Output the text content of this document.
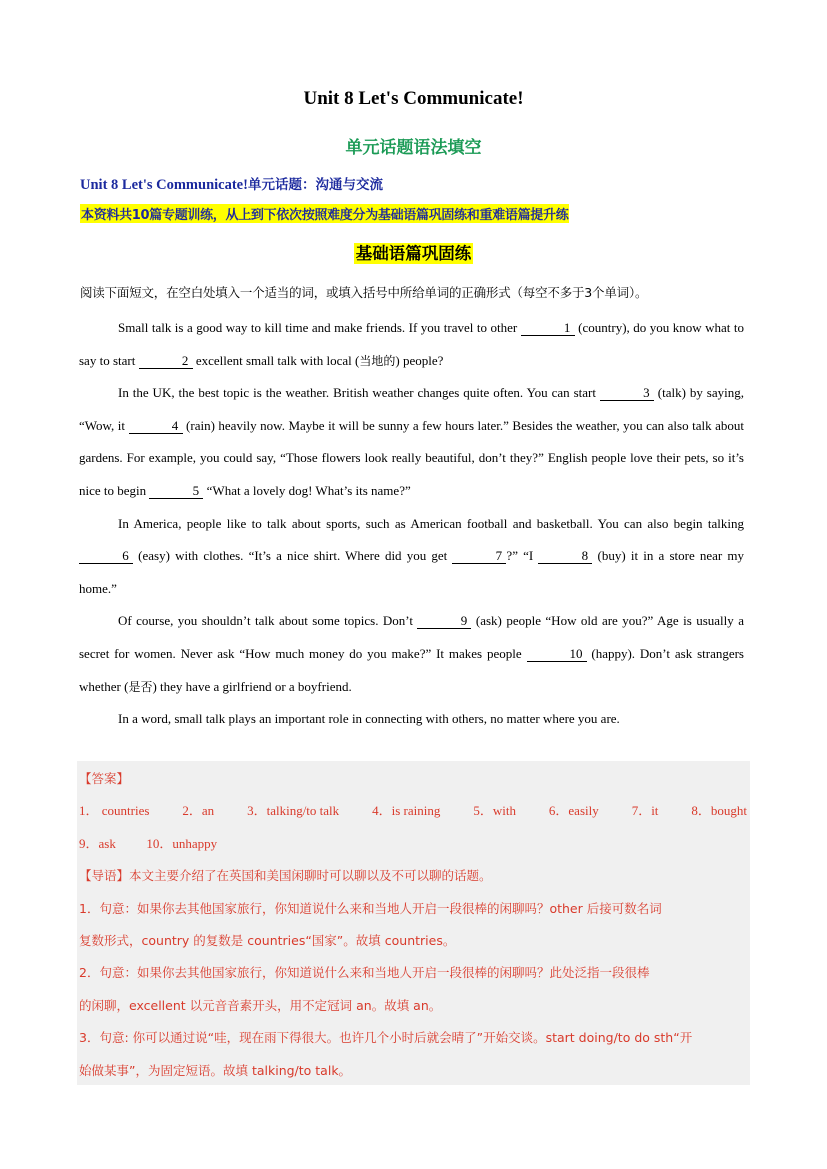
Unit 8 Let's Communicate!
单元话题语法填空
Unit 8 Let's Communicate!单元话题：沟通与交流
本资料共10篇专题训练，从上到下依次按照难度分为基础语篇巩固练和重难语篇提升练
基础语篇巩固练
阅读下面短文，在空白处填入一个适当的词，或填入括号中所给单词的正确形式（每空不多于3个单词）。

Small talk is a good way to kill time and make friends. If you travel to other	1 (country), do you know what to say to start	2 excellent small talk with local (当地的) people?

In the UK, the best topic is the weather. British weather changes quite often. You can start	3 (talk) by saying, “Wow, it	4 (rain) heavily now. Maybe it will be sunny a few hours later.” Besides the weather, you can also talk about gardens. For example, you could say, “Those flowers look really beautiful, don’t they?” English people love their pets, so it’s nice to begin	5 “What a lovely dog! What’s its name?”

In America, people like to talk about sports, such as American football and basketball. You can also begin talking 6 (easy) with clothes. “It’s a nice shirt. Where did you get	7 ?” “I	8 (buy) it in a store near my home.”

Of course, you shouldn’t talk about some topics. Don’t	9 (ask) people “How old are you?” Age is usually a secret for women. Never ask “How much money do you make?” It makes people	10 (happy). Don’t ask strangers whether (是否) they have a girlfriend or a boyfriend.

In a word, small talk plays an important role in connecting with others, no matter where you are.

【答案】
1． countries	2．an	3．talking/to talk	4．is raining	5．with	6．easily	7．it	8．bought
9．ask 10．unhappy
【导语】本文主要介绍了在英国和美国闲聊时可以聊以及不可以聊的话题。
1．句意：如果你去其他国家旅行，你知道说什么来和当地人开启一段很棒的闲聊吗？other 后接可数名词
复数形式，country 的复数是 countries“国家”。故填 countries。
2．句意：如果你去其他国家旅行，你知道说什么来和当地人开启一段很棒的闲聊吗？此处泛指一段很棒
的闲聊，excellent 以元音音素开头，用不定冠词 an。故填 an。
3．句意: 你可以通过说“哇，现在雨下得很大。也许几个小时后就会晴了”开始交谈。start doing/to do sth“开
始做某事”，为固定短语。故填 talking/to talk。
